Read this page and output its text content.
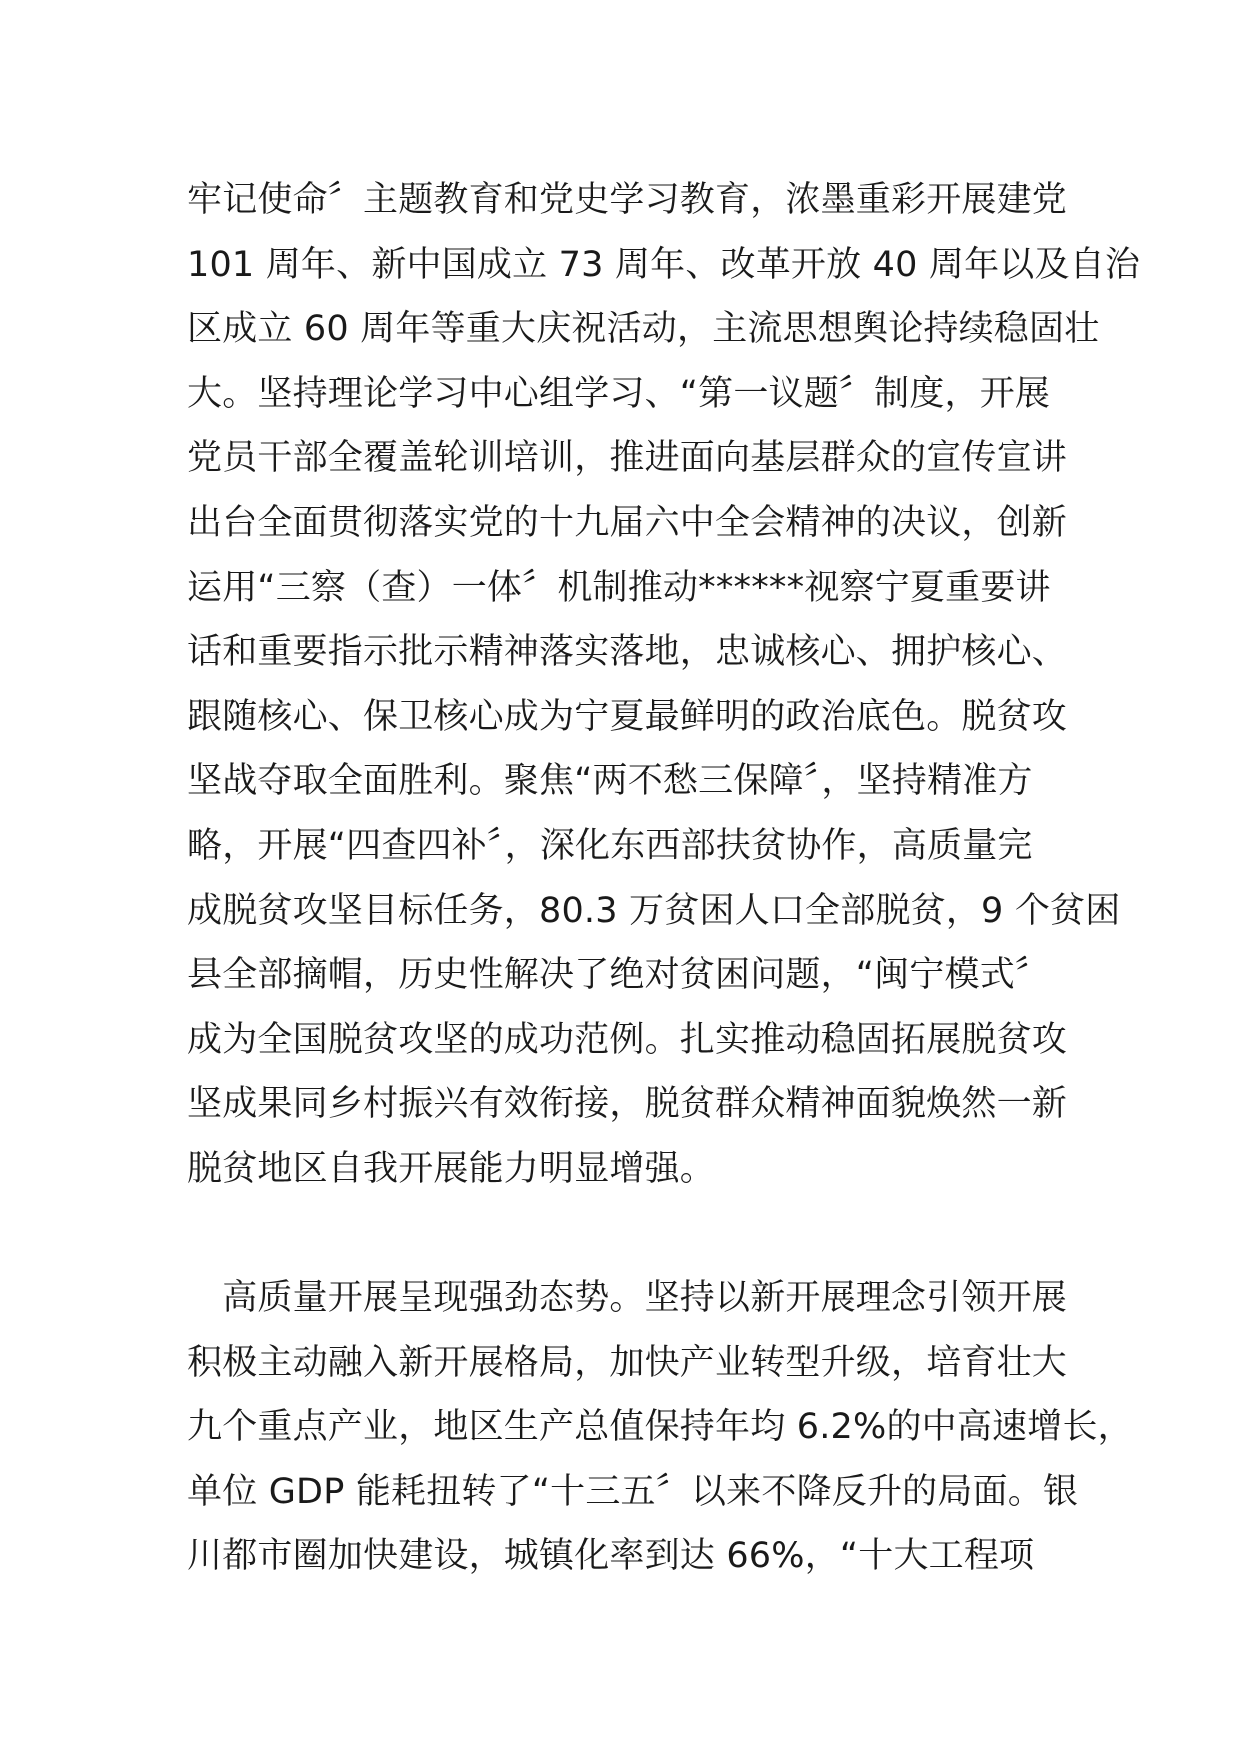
牢记使命〞主题教育和党史学习教育，浓墨重彩开展建党
101 周年、新中国成立 73 周年、改革开放 40 周年以及自治
区成立 60 周年等重大庆祝活动，主流思想舆论持续稳固壮
大。坚持理论学习中心组学习、“第一议题〞制度，开展
党员干部全覆盖轮训培训，推进面向基层群众的宣传宣讲
出台全面贯彻落实党的十九届六中全会精神的决议，创新
运用“三察（查）一体〞机制推动******视察宁夏重要讲
话和重要指示批示精神落实落地，忠诚核心、拥护核心、
跟随核心、保卫核心成为宁夏最鲜明的政治底色。脱贫攻
坚战夺取全面胜利。聚焦“两不愁三保障〞，坚持精准方
略，开展“四查四补〞，深化东西部扶贫协作，高质量完
成脱贫攻坚目标任务，80.3 万贫困人口全部脱贫，9 个贫困
县全部摘帽，历史性解决了绝对贫困问题，“闽宁模式〞
成为全国脱贫攻坚的成功范例。扎实推动稳固拓展脱贫攻
坚成果同乡村振兴有效衔接，脱贫群众精神面貌焕然一新
脱贫地区自我开展能力明显增强。
　高质量开展呈现强劲态势。坚持以新开展理念引领开展
积极主动融入新开展格局，加快产业转型升级，培育壮大
九个重点产业，地区生产总值保持年均 6.2%的中高速增长，
单位 GDP 能耗扭转了“十三五〞以来不降反升的局面。银
川都市圈加快建设，城镇化率到达 66%，“十大工程项
